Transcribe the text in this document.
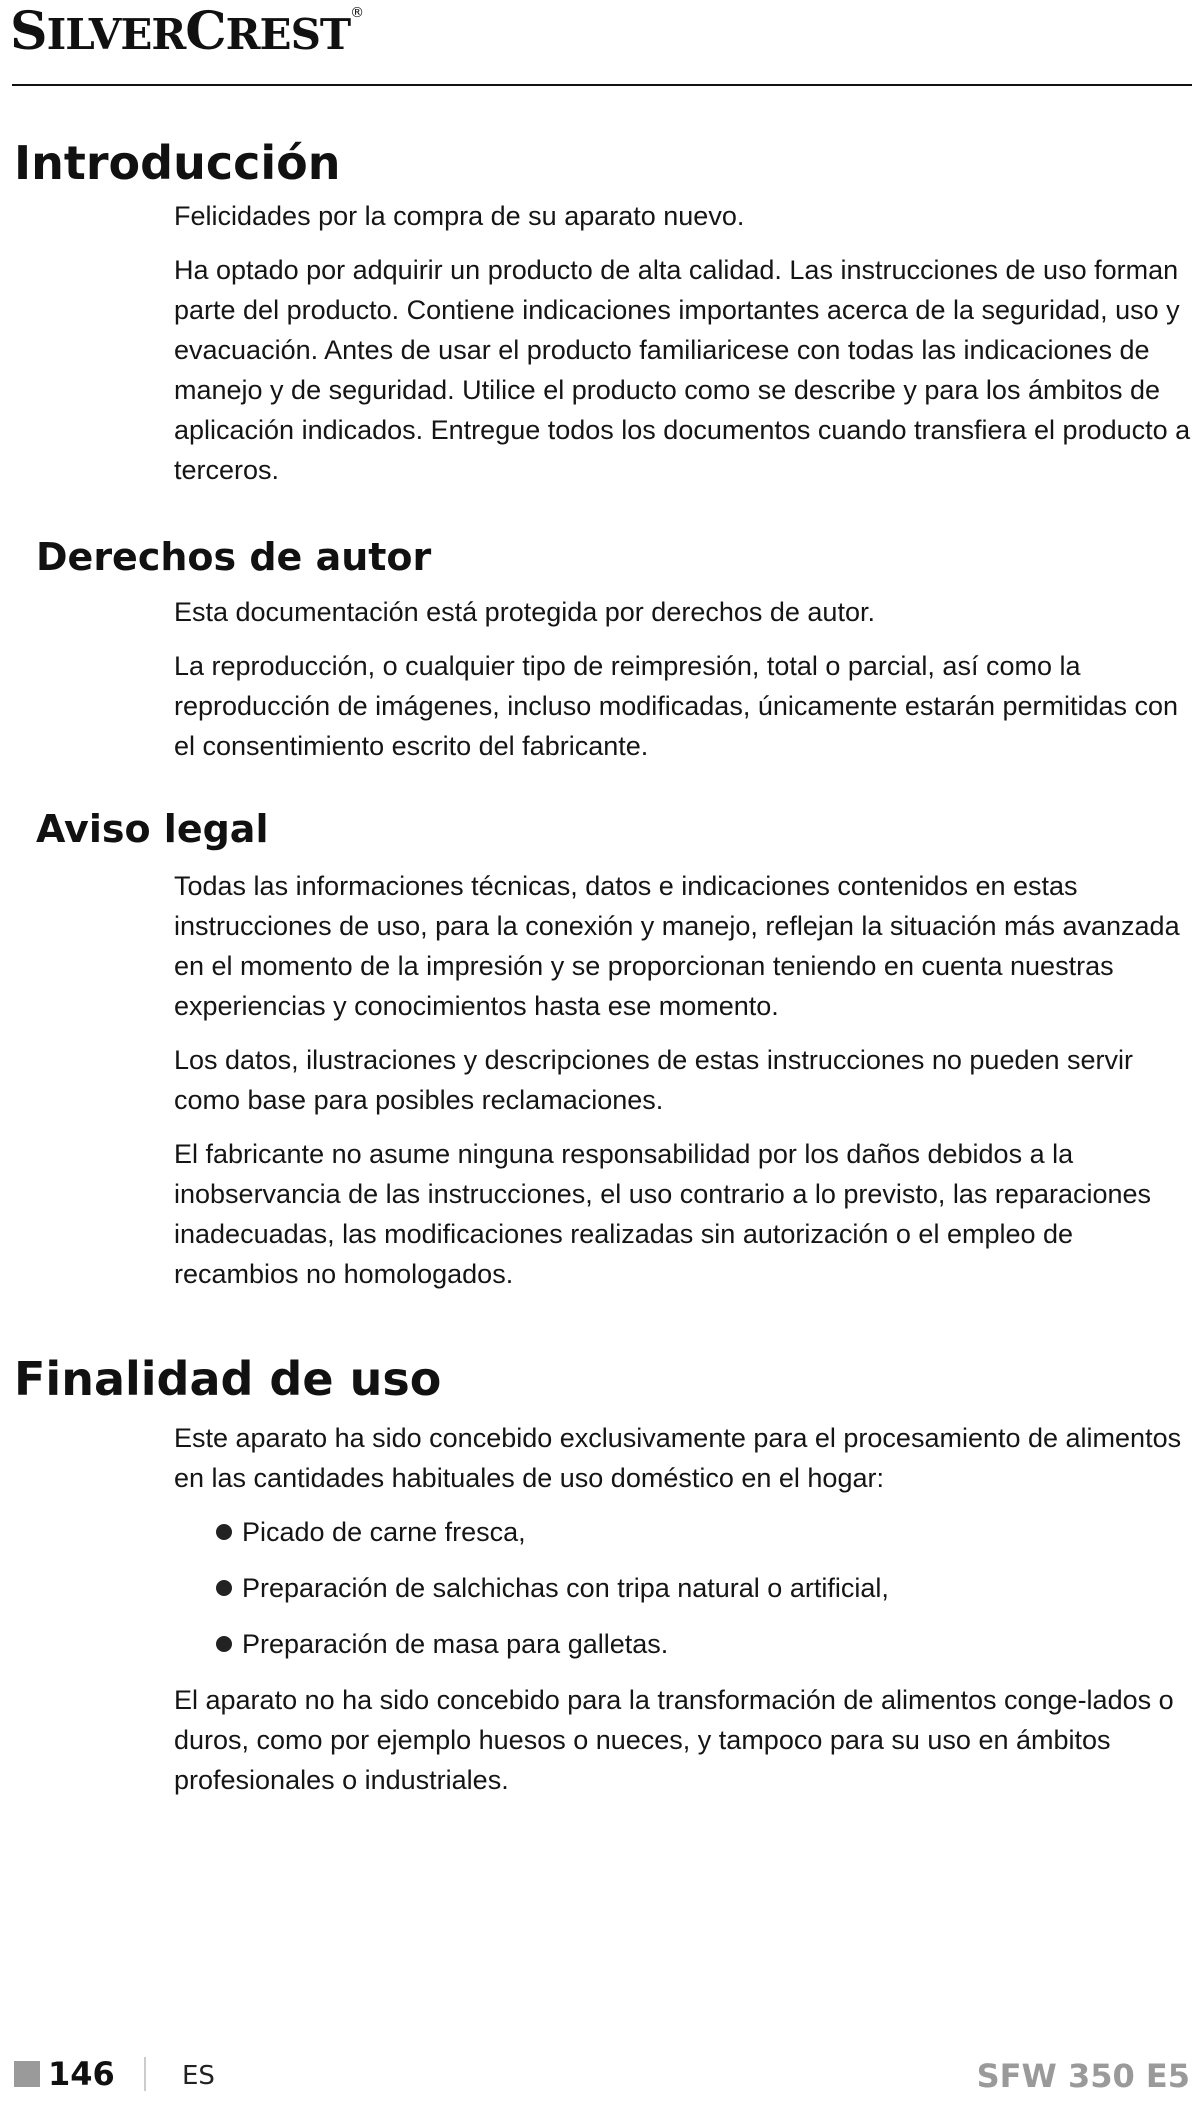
SILVERCREST®
Introducción

Felicidades por la compra de su aparato nuevo.

Ha optado por adquirir un producto de alta calidad. Las instrucciones de uso forman parte del producto. Contiene indicaciones importantes acerca de la seguridad, uso y evacuación. Antes de usar el producto familiaricese con todas las indicaciones de manejo y de seguridad. Utilice el producto como se describe y para los ámbitos de aplicación indicados. Entregue todos los documentos cuando transfiera el producto a terceros.

Derechos de autor

Esta documentación está protegida por derechos de autor.

La reproducción, o cualquier tipo de reimpresión, total o parcial, así como la reproducción de imágenes, incluso modificadas, únicamente estarán permitidas con el consentimiento escrito del fabricante.

Aviso legal

Todas las informaciones técnicas, datos e indicaciones contenidos en estas instrucciones de uso, para la conexión y manejo, reflejan la situación más avanzada en el momento de la impresión y se proporcionan teniendo en cuenta nuestras experiencias y conocimientos hasta ese momento.

Los datos, ilustraciones y descripciones de estas instrucciones no pueden servir como base para posibles reclamaciones.

El fabricante no asume ninguna responsabilidad por los daños debidos a la inobservancia de las instrucciones, el uso contrario a lo previsto, las reparaciones inadecuadas, las modificaciones realizadas sin autorización o el empleo de recambios no homologados.

Finalidad de uso

Este aparato ha sido concebido exclusivamente para el procesamiento de alimentos en las cantidades habituales de uso doméstico en el hogar:

Picado de carne fresca,
Preparación de salchichas con tripa natural o artificial,
Preparación de masa para galletas.

El aparato no ha sido concebido para la transformación de alimentos conge-lados o duros, como por ejemplo huesos o nueces, y tampoco para su uso en ámbitos profesionales o industriales.

146	ES	SFW 350 E5
